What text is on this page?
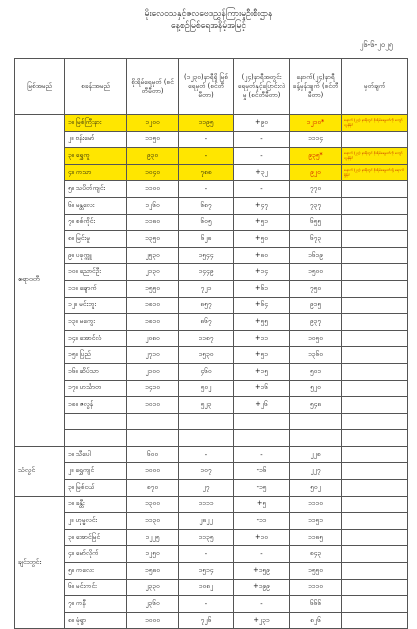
မိုးလေဝသနှင့်ဇလဗေဒညွှန်ကြားမှုဦးစီးဌာန
နေ့စဉ်မြစ်ရေအနိမ့်အမြင့်
၂၆-၆-၂၀၂၅
မြစ်အမည်	စခန်းအမည်	စိုးရိမ်ရေမှတ် (စင်တီမီတာ)	(၁၂၃၀)နာရီရှိ မြစ်ရေမှတ် (စင်တီမီတာ)	(၂၄)နာရီအတွင်း ရေမှတ်နှင့်ပြောင်းလဲမှု (စင်တီမီတာ)	နောက်(၂၄)နာရီ ခန့်မှန်းချက် (စင်တီမီတာ)	မှတ်ချက်
ဧရာဝတီ	၁။ မြစ်ကြီးနား	၁၂၀၀	၁၁၉၅	+၉၀	၁၂၁၀*	နောက် (၂၄) နာရီတွင် စိုးရိမ်ရေမှတ်ကို ကျော်လွန်နိုင်
	၂။ ဗန်းမော်	၁၁၅၀	-	-	၁၁၁၄	
	၃။ ရွှေကူ	၉၃၀	-	-	၉၃၅*	နောက် (၂၄) နာရီတွင် စိုးရိမ်ရေမှတ်ကို ကျော်လွန်နိုင်
	၄။ ကသာ	၁၀၄၀	၇၈၈	+၃၂	၉၂၀	နောက် (၂၄) နာရီတွင် စိုးရိမ်ရေမှတ်သို့ ရောက်ရှိနိုင်
	၅။ သပိတ်ကျင်း	၁၁၀၀	-	-	၇၇၀	
	၆။ မန္တလေး	၁၂၆၀	၆၈၇	+၄၇	၇၃၇	
	၇။ စစ်ကိုင်း	၁၁၈၀	၆၀၅	+၅၁	၆၅၅	
	၈။ မြင်းမူ	၁၃၅၀	၆၂၈	+၅၀	၆၇၃	
	၉။ ပခုက္ကူ	၂၅၃၀	၁၅၄၄	+၈၀	၁၆၁၉	
	၁၀။ ညောင်ဦး	၂၁၃၀	၁၄၄၉	+၁၄	၁၅၀၀	
	၁၁။ ချောက်	၁၅၅၀	၇၂၁	+၆၁	၇၅၀	
	၁၂။ မင်းဘူး	၁၈၁၀	၈၅၇	+၆၄	၉၁၅	
	၁၃။ မကွေး	၁၈၁၀	၈၆၇	+၅၅	၉၃၇	
	၁၄။ အောင်လံ	၂၀၈၀	၁၁၈၇	+၁၁	၁၀၅၀	
	၁၅။ ပြည်	၂၇၁၀	၁၅၃၀	+၅၁	၁၃၆၀	
	၁၆။ ဆိပ်သာ	၂၁၀၀	၄၆၀	+၁၅	၅၀၁	
	၁၇။ ဟင်္သာတ	၁၄၁၀	၅၀၂	+၁၆	၅၂၀	
	၁၈။ ဇလွန်	၁၀၁၀	၅၂၃	+၂၆	၅၄၈	

သံလွင်	၁။ သီပေါ	၆၀၀	-	-	၂၂၈	
	၂။ ရွှေကျင်	၁၀၀၀	၁၀၇	-၁၆	၂၂၇	
	၃။ မြစ်ငယ်	၈၇၀	၂၇	-၁၅	၅၀၂	
ချင်းတွင်း	၁။ ခန္တီး	၁၃၀၀	၁၁၁၁	+၅	၁၁၁၀	
	၂။ ဟုမ္မလင်း	၁၁၃၀	၂၈၂၂	-၁၁	၁၁၅၁	
	၃။ အောင်မြင်	၁၂၂၅	၁၁၃၅	+၁၀	၁၁၈၅	
	၄။ မော်လိုက်	၁၂၅၀	-	-	၈၄၃	
	၅။ ကလေး	၁၅၈၀	၁၅၁၄	+၁၅၉	၁၅၅၀	
	၆။ မင်းကင်း	၂၃၃၀	၁၀၈၂	+၁၉၉	၁၁၁၀	
	၇။ ကနီ	၂၃၆၀	-	-	၆၆၆	
	၈။ မုံရွာ	၁၀၀၀	၇၂၆	+၂၃၁	၈၂၆	
